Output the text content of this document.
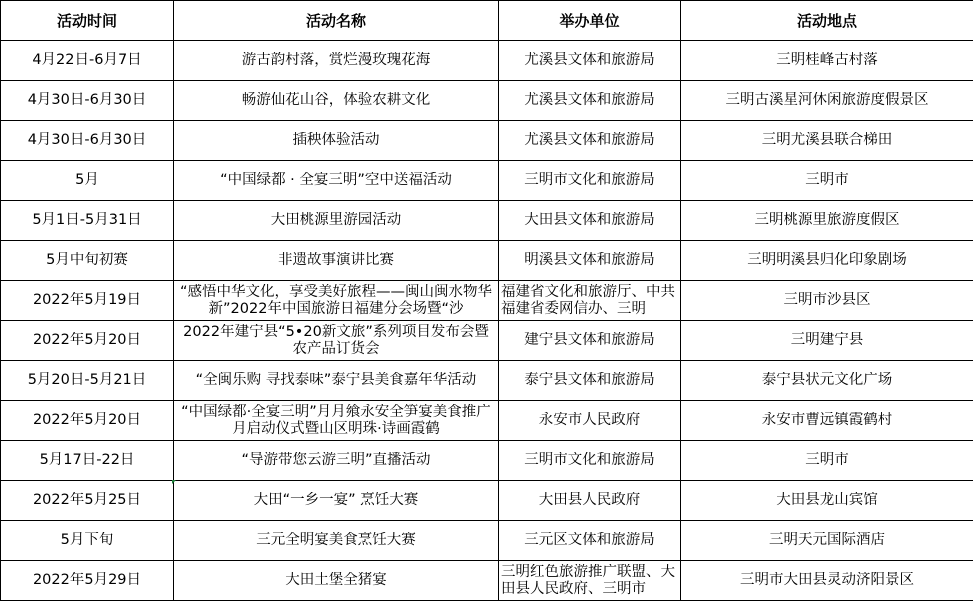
活动时间	活动名称	举办单位	活动地点

4月22日-6月7日	游古韵村落，赏烂漫玫瑰花海	尤溪县文体和旅游局	三明桂峰古村落

4月30日-6月30日	畅游仙花山谷，体验农耕文化	尤溪县文体和旅游局	三明古溪星河休闲旅游度假景区

4月30日-6月30日	插秧体验活动	尤溪县文体和旅游局	三明尤溪县联合梯田

5月	“中国绿都 · 全宴三明”空中送福活动	三明市文化和旅游局	三明市

5月1日-5月31日	大田桃源里游园活动	大田县文体和旅游局	三明桃源里旅游度假区

5月中旬初赛	非遗故事演讲比赛	明溪县文体和旅游局	三明明溪县归化印象剧场

2022年5月19日	“感悟中华文化，享受美好旅程——闽山闽水物华新”2022年中国旅游日福建分会场暨“沙	福建省文化和旅游厅、中共福建省委网信办、三明	三明市沙县区

2022年5月20日	2022年建宁县“5•20新文旅”系列项目发布会暨农产品订货会	建宁县文体和旅游局	三明建宁县

5月20日-5月21日	“全闽乐购 寻找泰味”泰宁县美食嘉年华活动	泰宁县文体和旅游局	泰宁县状元文化广场

2022年5月20日	“中国绿都·全宴三明”月月飨永安全笋宴美食推广月启动仪式暨山区明珠·诗画霞鹤	永安市人民政府	永安市曹远镇霞鹤村

5月17日-22日	“导游带您云游三明”直播活动	三明市文化和旅游局	三明市

2022年5月25日	大田“一乡一宴” 烹饪大赛	大田县人民政府	大田县龙山宾馆

5月下旬	三元全明宴美食烹饪大赛	三元区文体和旅游局	三明天元国际酒店

2022年5月29日	大田土堡全猪宴	三明红色旅游推广联盟、大田县人民政府、三明市	三明市大田县灵动济阳景区
